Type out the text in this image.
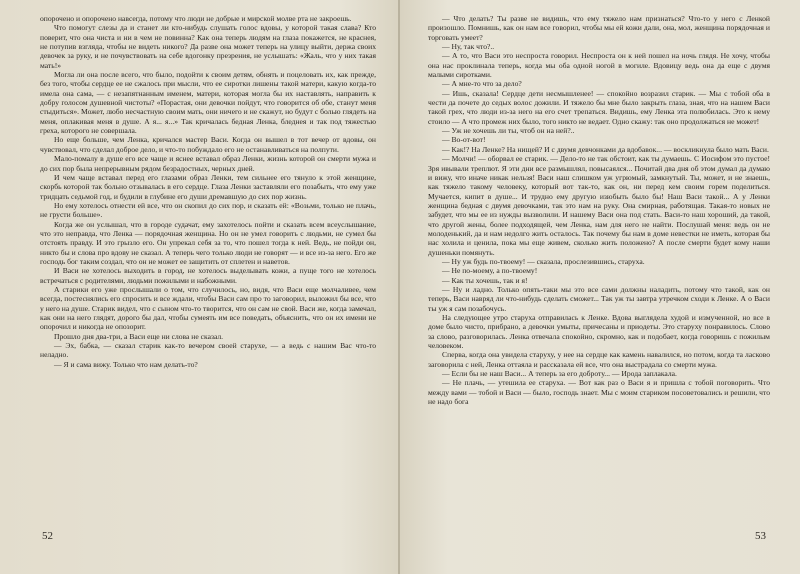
опорочено и опорочено навсегда, потому что люди не добрые и мирской молве рта не закроешь.

Что помогут слезы да и станет ли кто-нибудь слушать голос вдовы, у которой такая слава? Кто поверит, что она чиста и ни в чем не повинна? Как она теперь людям на глаза покажется, не краснея, не потупив взгляда, чтобы не видеть никого? Да разве она может теперь на улицу выйти, держа своих девочек за руку, и не почувствовать на себе вдогонку презрения, не услышать: «Жаль, что у них такая мать!»

Могла ли она после всего, что было, подойти к своим детям, обнять и поцеловать их, как прежде, без того, чтобы сердце ее не сжалось при мысли, что ее сиротки лишены такой матери, какую когда-то имела она сама, — с незапятнанным именем, матери, которая могла бы их наставлять, направить к добру голосом душевной чистоты? «Порастая, они девочки пойдут, что говорится об обе, станут меня стыдиться». Может, любо несчастную своим мать, они ничего и не скажут, но будут с болью глядеть на меня, оплакивая меня в душе. А я... я...» Так кричалась бедная Ленка, бледнея и так под тяжестью греха, которого не совершала.

Но еще больше, чем Ленка, кричался мастер Васи. Когда он вышел в тот вечер от вдовы, он чувствовал, что сделал доброе дело, и что-то побуждало его не останавливаться на полпути.

Мало-помалу в душе его все чаще и яснее вставал образ Ленки, жизнь которой он смерти мужа и до сих пор была непрерывным рядом безрадостных, черных дней.

И чем чаще вставал перед его глазами образ Ленки, тем сильнее его тянуло к этой женщине, скорбь которой так больно отзывалась в его сердце. Глаза Ленки заставляли его позабыть, что ему уже тридцать седьмой год, и будили в глубине его души дремавшую до сих пор жизнь.

Но ему хотелось отнести ей все, что он скопил до сих пор, и сказать ей: «Возьми, только не плачь, не грусти больше».

Когда же он услышал, что в городе судачат, ему захотелось пойти и сказать всем всеуслышание, что это неправда, что Ленка — порядочная женщина. Но он не умел говорить с людьми, не сумел бы отстоять правду. И это грызло его. Он упрекал себя за то, что пошел тогда к ней. Ведь, не пойди он, никто бы и слова про вдову не сказал. А теперь чего только люди не говорят — и все из-за него. Его же господь бог таким создал, что он не может ее защитить от сплетен и наветов.

И Васи не хотелось выходить в город, не хотелось выделывать кожи, а пуще того не хотелось встречаться с родителями, людьми пожилыми и набожными.

А старики его уже прослышали о том, что случилось, но, видя, что Васи еще молчаливее, чем всегда, постеснялись его спросить и все ждали, чтобы Васи сам про то заговорил, выложил бы все, что у него на душе. Старик видел, что с сыном что-то творится, что он сам не свой. Васи же, когда замечал, как они на него глядят, дорого бы дал, чтобы сумеять им все поведать, объяснить, что он их имени не опорочил и никогда не опозорит.

Прошло дня два-три, а Васи еще ни слова не сказал.

— Эх, бабка, — сказал старик как-то вечером своей старухе, — а ведь с нашим Вас что-то неладно.

— Я и сама вижу. Только что нам делать-то?

52

— Что делать? Ты разве не видишь, что ему тяжело нам признаться? Что-то у него с Ленкой произошло. Помнишь, как он нам все говорил, чтобы мы ей кожи дали, она, мол, женщина порядочная и торговать умеет?

— Ну, так что?..

— А то, что Васи это неспроста говорил. Неспроста он к ней пошел на ночь глядя. Не хочу, чтобы она нас проклинала теперь, когда мы оба одной ногой в могиле. Вдовицу ведь она да еще с двумя малыми сиротками.

— А мне-то что за дело?

— Ишь, сказала! Сердце дети несмышленее! — спокойно возразил старик. — Мы с тобой оба в чести да почете до седых волос дожили. И тяжело бы мне было закрыть глаза, зная, что на нашем Васи такой грех, что люди из-за него на его счет трепаться. Видишь, ему Ленка эта полюбилась. Это к нему стоило — А что промеж них было, того никто не ведает. Одно скажу: так оно продолжаться не может!

— Уж не хочешь ли ты, чтоб он на ней?..

— Во-от-вот!

— Как!? На Ленке? На нищей? И с двумя девчонками да вдобавок... — воскликнула было мать Васи.

— Молчи! — оборвал ее старик. — Дело-то не так обстоит, как ты думаешь. С Иосифом это пустое! Зря ивывали треплют. Я эти дни все размышлял, повысаялся... Почитай два дня об этом думал да думаю и вижу, что иначе никак нельзя! Васи наш слишком уж угрюмый, замкнутый. Ты, может, и не знаешь, как тяжело такому человеку, который вот так-то, как он, ни перед кем своим горем поделиться. Мучается, кипит в душе... И трудно ему другую изюбыть было бы! Наш Васи такой... А у Ленки женщина бедная с двумя девочками, так это нам на руку. Она смирная, работящая. Такая-то новых не забудет, что мы ее из нужды вызволили. И нашему Васи она под стать. Васи-то наш хороший, да такой, что другой жены, более подходящей, чем Ленка, нам для него не найти. Послушай меня: ведь он не молоденький, да и нам недолго жить осталось. Так почему бы нам в доме невестки не иметь, которая бы нас холила и ценила, пока мы еще живем, сколько жить положено? А после смерти будет кому наши душеньки помянуть.

— Ну уж будь по-твоему! — сказала, прослезившись, старуха.

— Не по-моему, а по-твоему!

— Как ты хочешь, так и я!

— Ну и ладно. Только опять-таки мы это все сами должны наладить, потому что такой, как он теперь, Васи навряд ли что-нибудь сделать сможет... Так уж ты завтра утречком сходи к Ленке. А о Васи ты уж я сам позабочусь.

На следующее утро старуха отправилась к Ленке. Вдова выглядела худой и измученной, но все в доме было чисто, прибрано, а девочки умыты, причесаны и приодеты. Это старуху понравилось. Слово за слово, разговорилась. Ленка отвечала спокойно, скромно, как и подобает, когда говоришь с пожилым человеком.

Сперва, когда она увидела старуху, у нее на сердце как камень навалился, но потом, когда та ласково заговорила с ней, Ленка оттаяла и рассказала ей все, что она выстрадала со смерти мужа.

— Если бы не наш Васи... А теперь за его доброту... — Ирода заплакала.

— Не плачь, — утешила ее старуха. — Вот как раз о Васи я и пришла с тобой поговорить. Что между вами — тобой и Васи — было, господь знает. Мы с моим стариком посоветовались и решили, что не надо бога

53
